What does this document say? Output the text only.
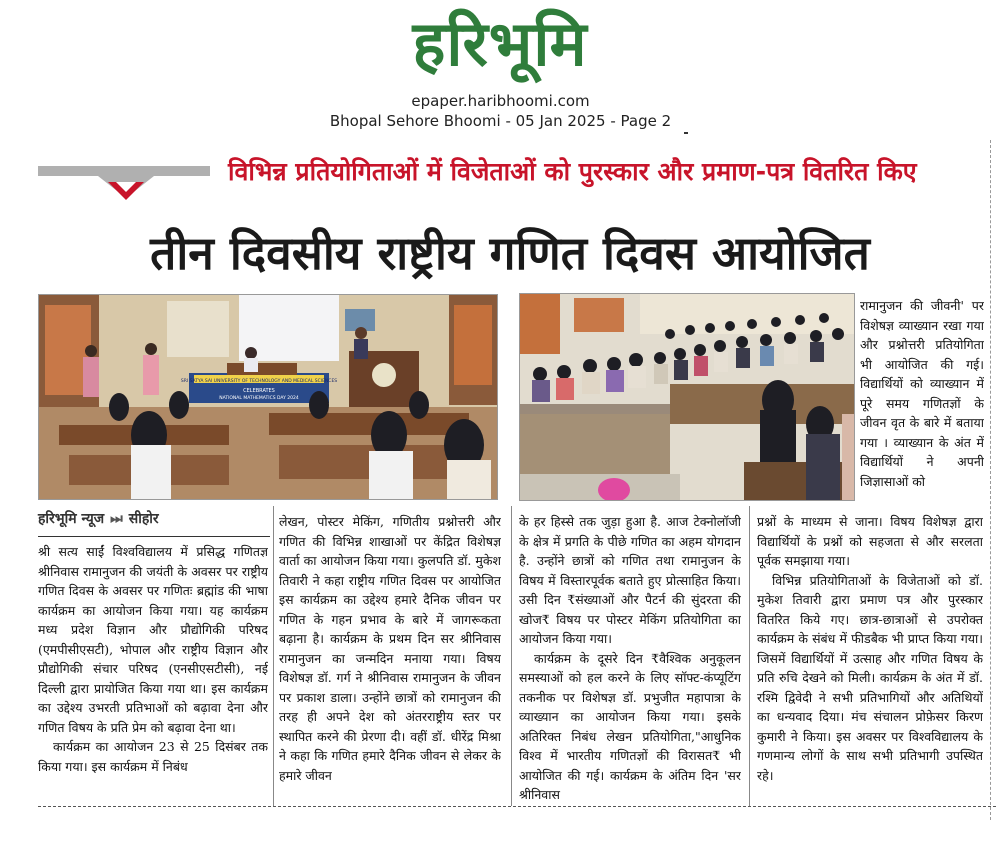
हरिभूमि
epaper.haribhoomi.com
Bhopal Sehore Bhoomi - 05 Jan 2025 - Page 2
विभिन्न प्रतियोगिताओं में विजेताओं को पुरस्कार और प्रमाण-पत्र वितरित किए
तीन दिवसीय राष्ट्रीय गणित दिवस आयोजित
SRI SATYA SAI UNIVERSITY OF TECHNOLOGY AND MEDICAL SCIENCES
CELEBRATES
NATIONAL MATHEMATICS DAY 2024
रामानुजन की जीवनी' पर विशेषज्ञ व्याख्यान रखा गया और प्रश्नोत्तरी प्रतियोगिता भी आयोजित की गई। विद्यार्थियों को व्याख्यान में पूरे समय गणितज्ञों के जीवन वृत के बारे में बताया गया । व्याख्यान के अंत में विद्यार्थियों ने अपनी जिज्ञासाओं को
हरिभूमि न्यूज ⏭ सीहोर

श्री सत्य साईं विश्वविद्यालय में प्रसिद्ध गणितज्ञ श्रीनिवास रामानुजन की जयंती के अवसर पर राष्ट्रीय गणित दिवस के अवसर पर गणितः ब्रह्मांड की भाषा कार्यक्रम का आयोजन किया गया। यह कार्यक्रम मध्य प्रदेश विज्ञान और प्रौद्योगिकी परिषद (एमपीसीएसटी), भोपाल और राष्ट्रीय विज्ञान और प्रौद्योगिकी संचार परिषद (एनसीएसटीसी), नई दिल्ली द्वारा प्रायोजित किया गया था। इस कार्यक्रम का उद्देश्य उभरती प्रतिभाओं को बढ़ावा देना और गणित विषय के प्रति प्रेम को बढ़ावा देना था।

कार्यक्रम का आयोजन 23 से 25 दिसंबर तक किया गया। इस कार्यक्रम में निबंध

लेखन, पोस्टर मेकिंग, गणितीय प्रश्नोत्तरी और गणित की विभिन्न शाखाओं पर केंद्रित विशेषज्ञ वार्ता का आयोजन किया गया। कुलपति डॉ. मुकेश तिवारी ने कहा राष्ट्रीय गणित दिवस पर आयोजित इस कार्यक्रम का उद्देश्य हमारे दैनिक जीवन पर गणित के गहन प्रभाव के बारे में जागरूकता बढ़ाना है। कार्यक्रम के प्रथम दिन सर श्रीनिवास रामानुजन का जन्मदिन मनाया गया। विषय विशेषज्ञ डॉ. गर्ग ने श्रीनिवास रामानुजन के जीवन पर प्रकाश डाला। उन्होंने छात्रों को रामानुजन की तरह ही अपने देश को अंतरराष्ट्रीय स्तर पर स्थापित करने की प्रेरणा दी। वहीं डॉ. धीरेंद्र मिश्रा ने कहा कि गणित हमारे दैनिक जीवन से लेकर के हमारे जीवन

के हर हिस्से तक जुड़ा हुआ है. आज टेक्नोलॉजी के क्षेत्र में प्रगति के पीछे गणित का अहम योगदान है. उन्होंने छात्रों को गणित तथा रामानुजन के विषय में विस्तारपूर्वक बताते हुए प्रोत्साहित किया। उसी दिन ₹संख्याओं और पैटर्न की सुंदरता की खोज₹ विषय पर पोस्टर मेकिंग प्रतियोगिता का आयोजन किया गया।

कार्यक्रम के दूसरे दिन ₹वैश्विक अनुकूलन समस्याओं को हल करने के लिए सॉफ्ट-कंप्यूटिंग तकनीक पर विशेषज्ञ डॉ. प्रभुजीत महापात्रा के व्याख्यान का आयोजन किया गया। इसके अतिरिक्त निबंध लेखन प्रतियोगिता,"आधुनिक विश्व में भारतीय गणितज्ञों की विरासत₹ भी आयोजित की गई। कार्यक्रम के अंतिम दिन 'सर श्रीनिवास

प्रश्नों के माध्यम से जाना। विषय विशेषज्ञ द्वारा विद्यार्थियों के प्रश्नों को सहजता से और सरलता पूर्वक समझाया गया।

विभिन्न प्रतियोगिताओं के विजेताओं को डॉ. मुकेश तिवारी द्वारा प्रमाण पत्र और पुरस्कार वितरित किये गए। छात्र-छात्राओं से उपरोक्त कार्यक्रम के संबंध में फीडबैक भी प्राप्त किया गया। जिसमें विद्यार्थियों में उत्साह और गणित विषय के प्रति रुचि देखने को मिली। कार्यक्रम के अंत में डॉ. रश्मि द्विवेदी ने सभी प्रतिभागियों और अतिथियों का धन्यवाद दिया। मंच संचालन प्रोफ़ेसर किरण कुमारी ने किया। इस अवसर पर विश्वविद्यालय के गणमान्य लोगों के साथ सभी प्रतिभागी उपस्थित रहे।
